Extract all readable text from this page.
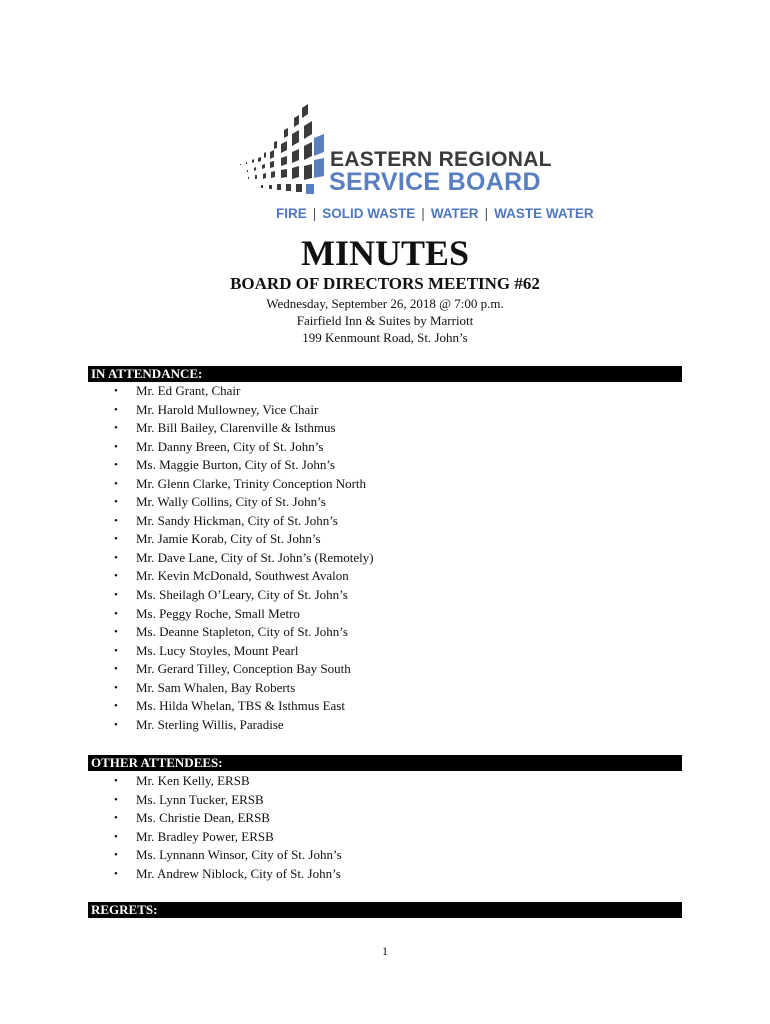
EASTERN REGIONAL
SERVICE BOARD
FIRE | SOLID WASTE | WATER | WASTE WATER
MINUTES
BOARD OF DIRECTORS MEETING #62
Wednesday, September 26, 2018 @ 7:00 p.m.
Fairfield Inn & Suites by Marriott
199 Kenmount Road, St. John’s
IN ATTENDANCE:
• Mr. Ed Grant, Chair
• Mr. Harold Mullowney, Vice Chair
• Mr. Bill Bailey, Clarenville & Isthmus
• Mr. Danny Breen, City of St. John’s
• Ms. Maggie Burton, City of St. John’s
• Mr. Glenn Clarke, Trinity Conception North
• Mr. Wally Collins, City of St. John’s
• Mr. Sandy Hickman, City of St. John’s
• Mr. Jamie Korab, City of St. John’s
• Mr. Dave Lane, City of St. John’s (Remotely)
• Mr. Kevin McDonald, Southwest Avalon
• Ms. Sheilagh O’Leary, City of St. John’s
• Ms. Peggy Roche, Small Metro
• Ms. Deanne Stapleton, City of St. John’s
• Ms. Lucy Stoyles, Mount Pearl
• Mr. Gerard Tilley, Conception Bay South
• Mr. Sam Whalen, Bay Roberts
• Ms. Hilda Whelan, TBS & Isthmus East
• Mr. Sterling Willis, Paradise
OTHER ATTENDEES:
• Mr. Ken Kelly, ERSB
• Ms. Lynn Tucker, ERSB
• Ms. Christie Dean, ERSB
• Mr. Bradley Power, ERSB
• Ms. Lynnann Winsor, City of St. John’s
• Mr. Andrew Niblock, City of St. John’s
REGRETS:
1
